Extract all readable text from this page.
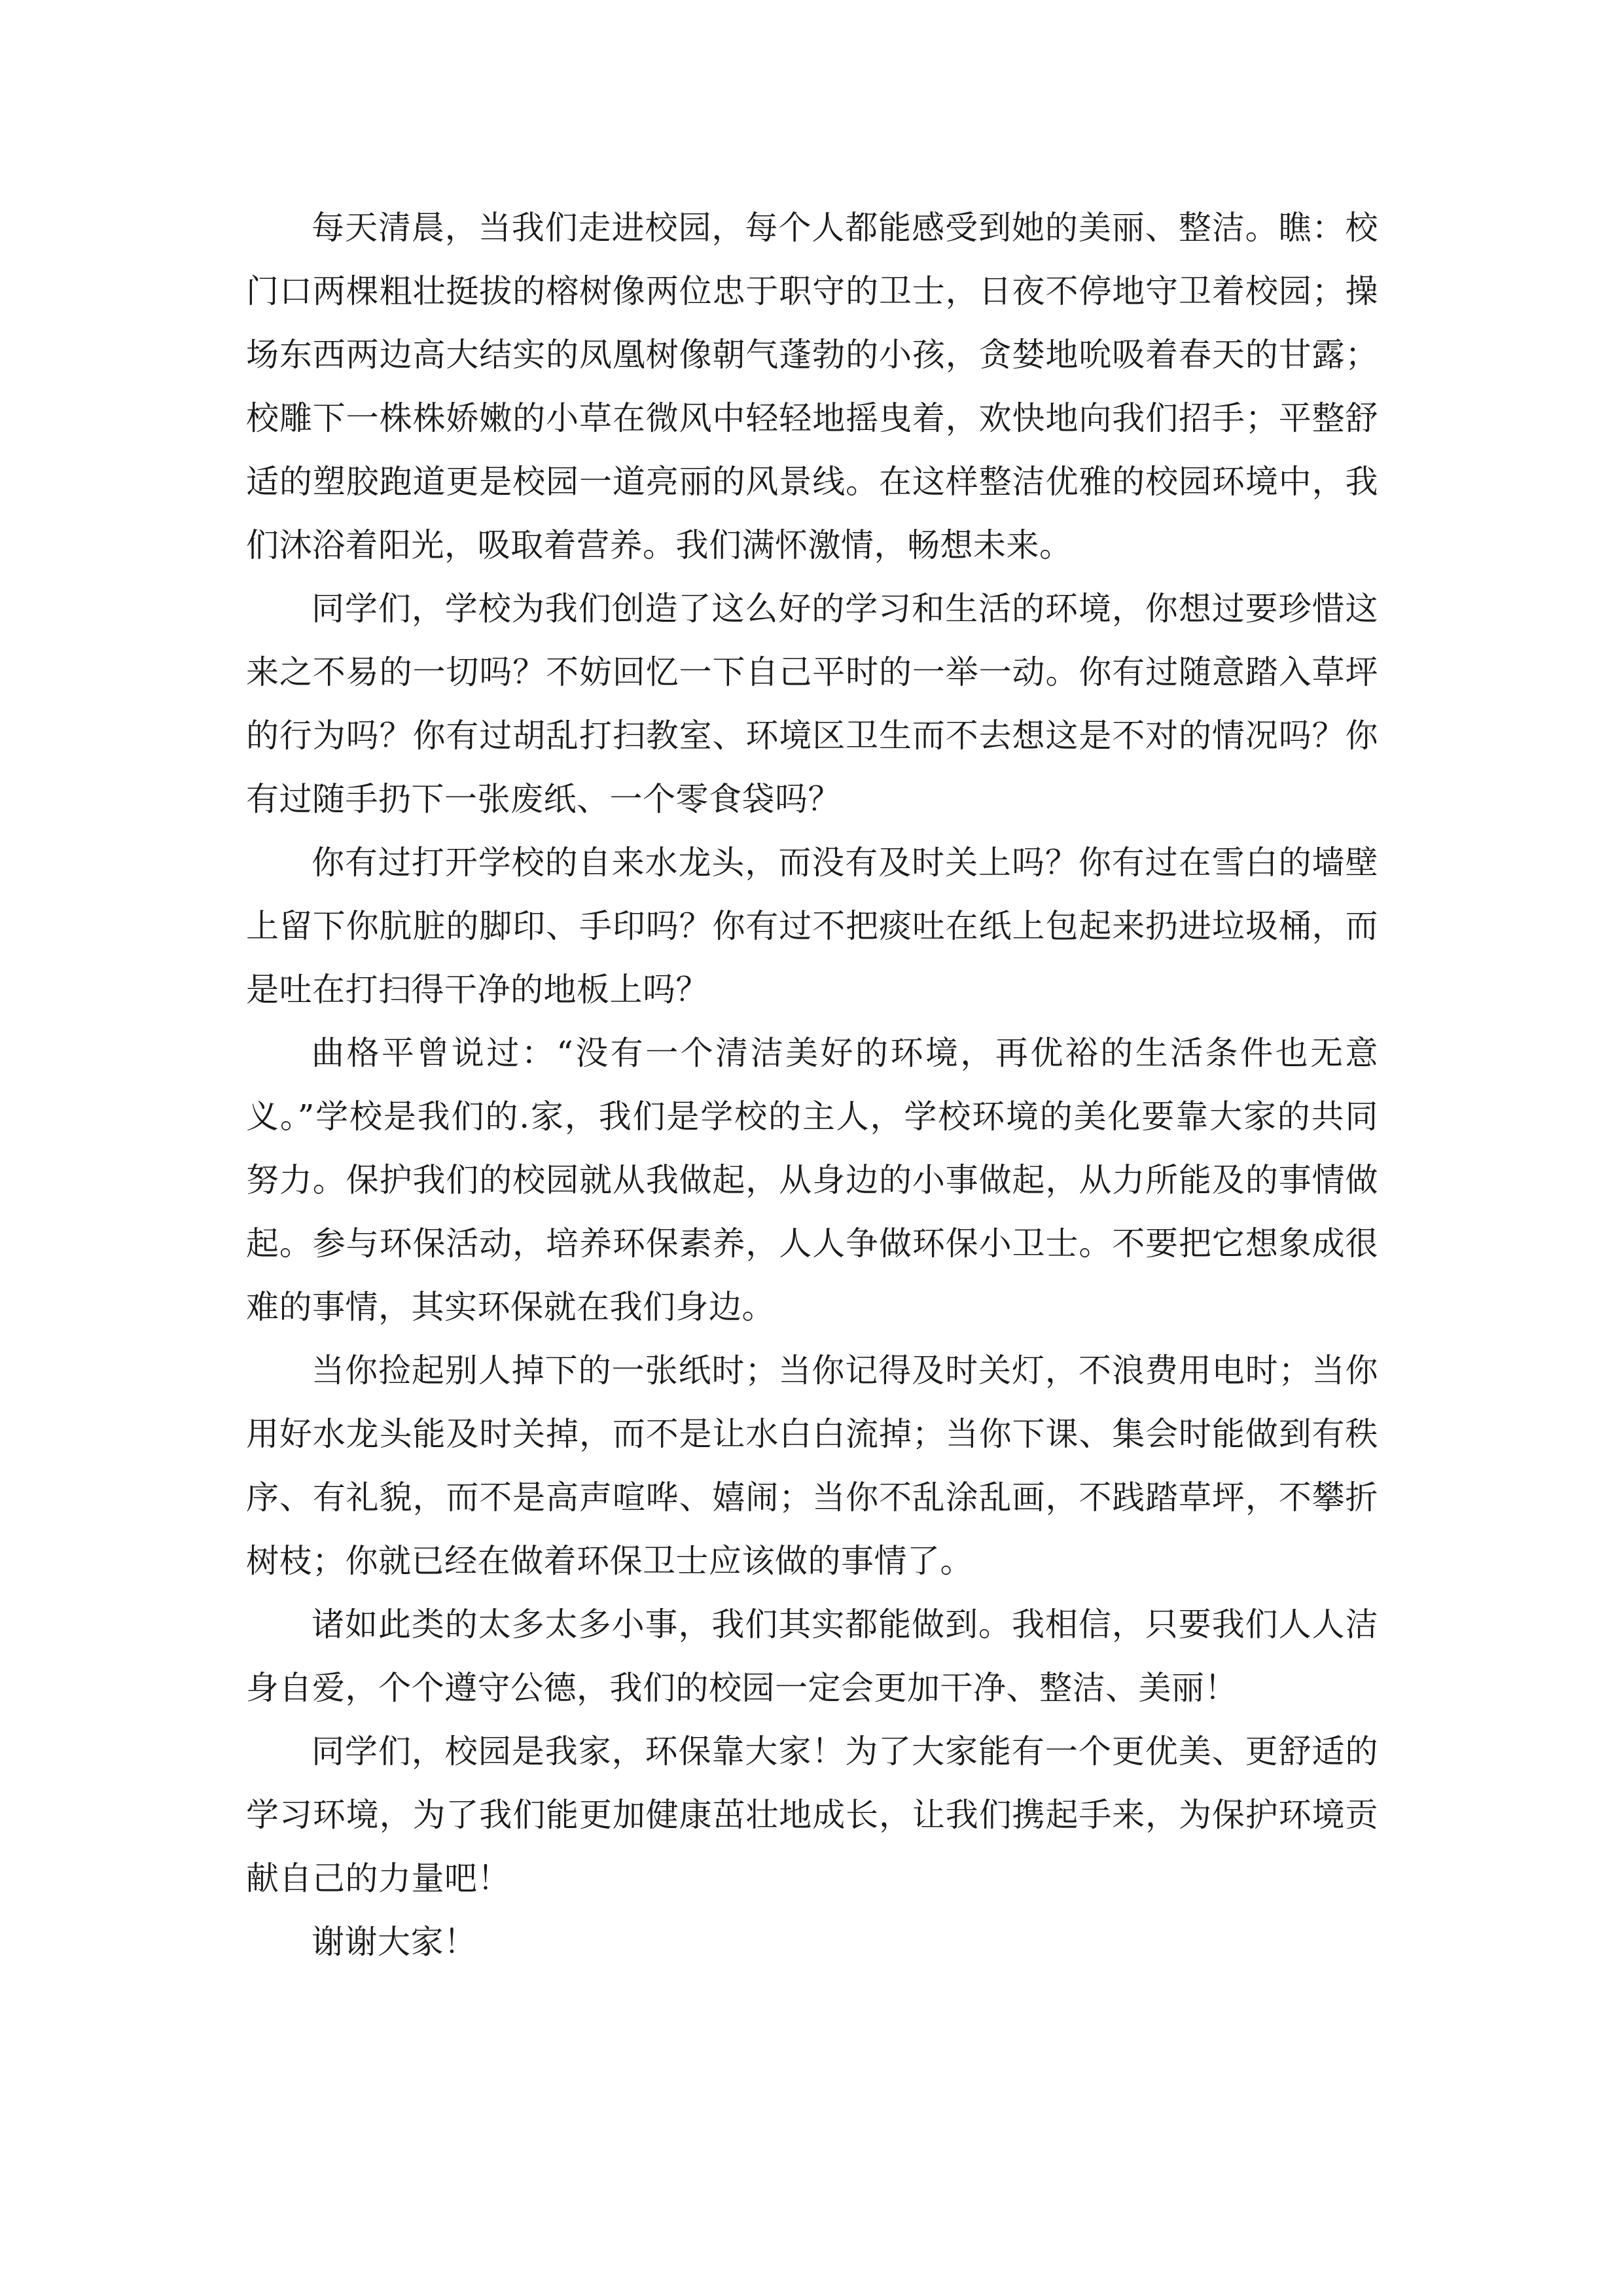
每天清晨，当我们走进校园，每个人都能感受到她的美丽、整洁。瞧：校门口两棵粗壮挺拔的榕树像两位忠于职守的卫士，日夜不停地守卫着校园；操场东西两边高大结实的凤凰树像朝气蓬勃的小孩，贪婪地吮吸着春天的甘露；校雕下一株株娇嫩的小草在微风中轻轻地摇曳着，欢快地向我们招手；平整舒适的塑胶跑道更是校园一道亮丽的风景线。在这样整洁优雅的校园环境中，我们沐浴着阳光，吸取着营养。我们满怀激情，畅想未来。

同学们，学校为我们创造了这么好的学习和生活的环境，你想过要珍惜这来之不易的一切吗？不妨回忆一下自己平时的一举一动。你有过随意踏入草坪的行为吗？你有过胡乱打扫教室、环境区卫生而不去想这是不对的情况吗？你有过随手扔下一张废纸、一个零食袋吗？

你有过打开学校的自来水龙头，而没有及时关上吗？你有过在雪白的墙壁上留下你肮脏的脚印、手印吗？你有过不把痰吐在纸上包起来扔进垃圾桶，而是吐在打扫得干净的地板上吗？

曲格平曾说过：“没有一个清洁美好的环境，再优裕的生活条件也无意义。”学校是我们的.家，我们是学校的主人，学校环境的美化要靠大家的共同努力。保护我们的校园就从我做起，从身边的小事做起，从力所能及的事情做起。参与环保活动，培养环保素养，人人争做环保小卫士。不要把它想象成很难的事情，其实环保就在我们身边。

当你捡起别人掉下的一张纸时；当你记得及时关灯，不浪费用电时；当你用好水龙头能及时关掉，而不是让水白白流掉；当你下课、集会时能做到有秩序、有礼貌，而不是高声喧哗、嬉闹；当你不乱涂乱画，不践踏草坪，不攀折树枝；你就已经在做着环保卫士应该做的事情了。

诸如此类的太多太多小事，我们其实都能做到。我相信，只要我们人人洁身自爱，个个遵守公德，我们的校园一定会更加干净、整洁、美丽！

同学们，校园是我家，环保靠大家！为了大家能有一个更优美、更舒适的学习环境，为了我们能更加健康茁壮地成长，让我们携起手来，为保护环境贡献自己的力量吧！

谢谢大家！
